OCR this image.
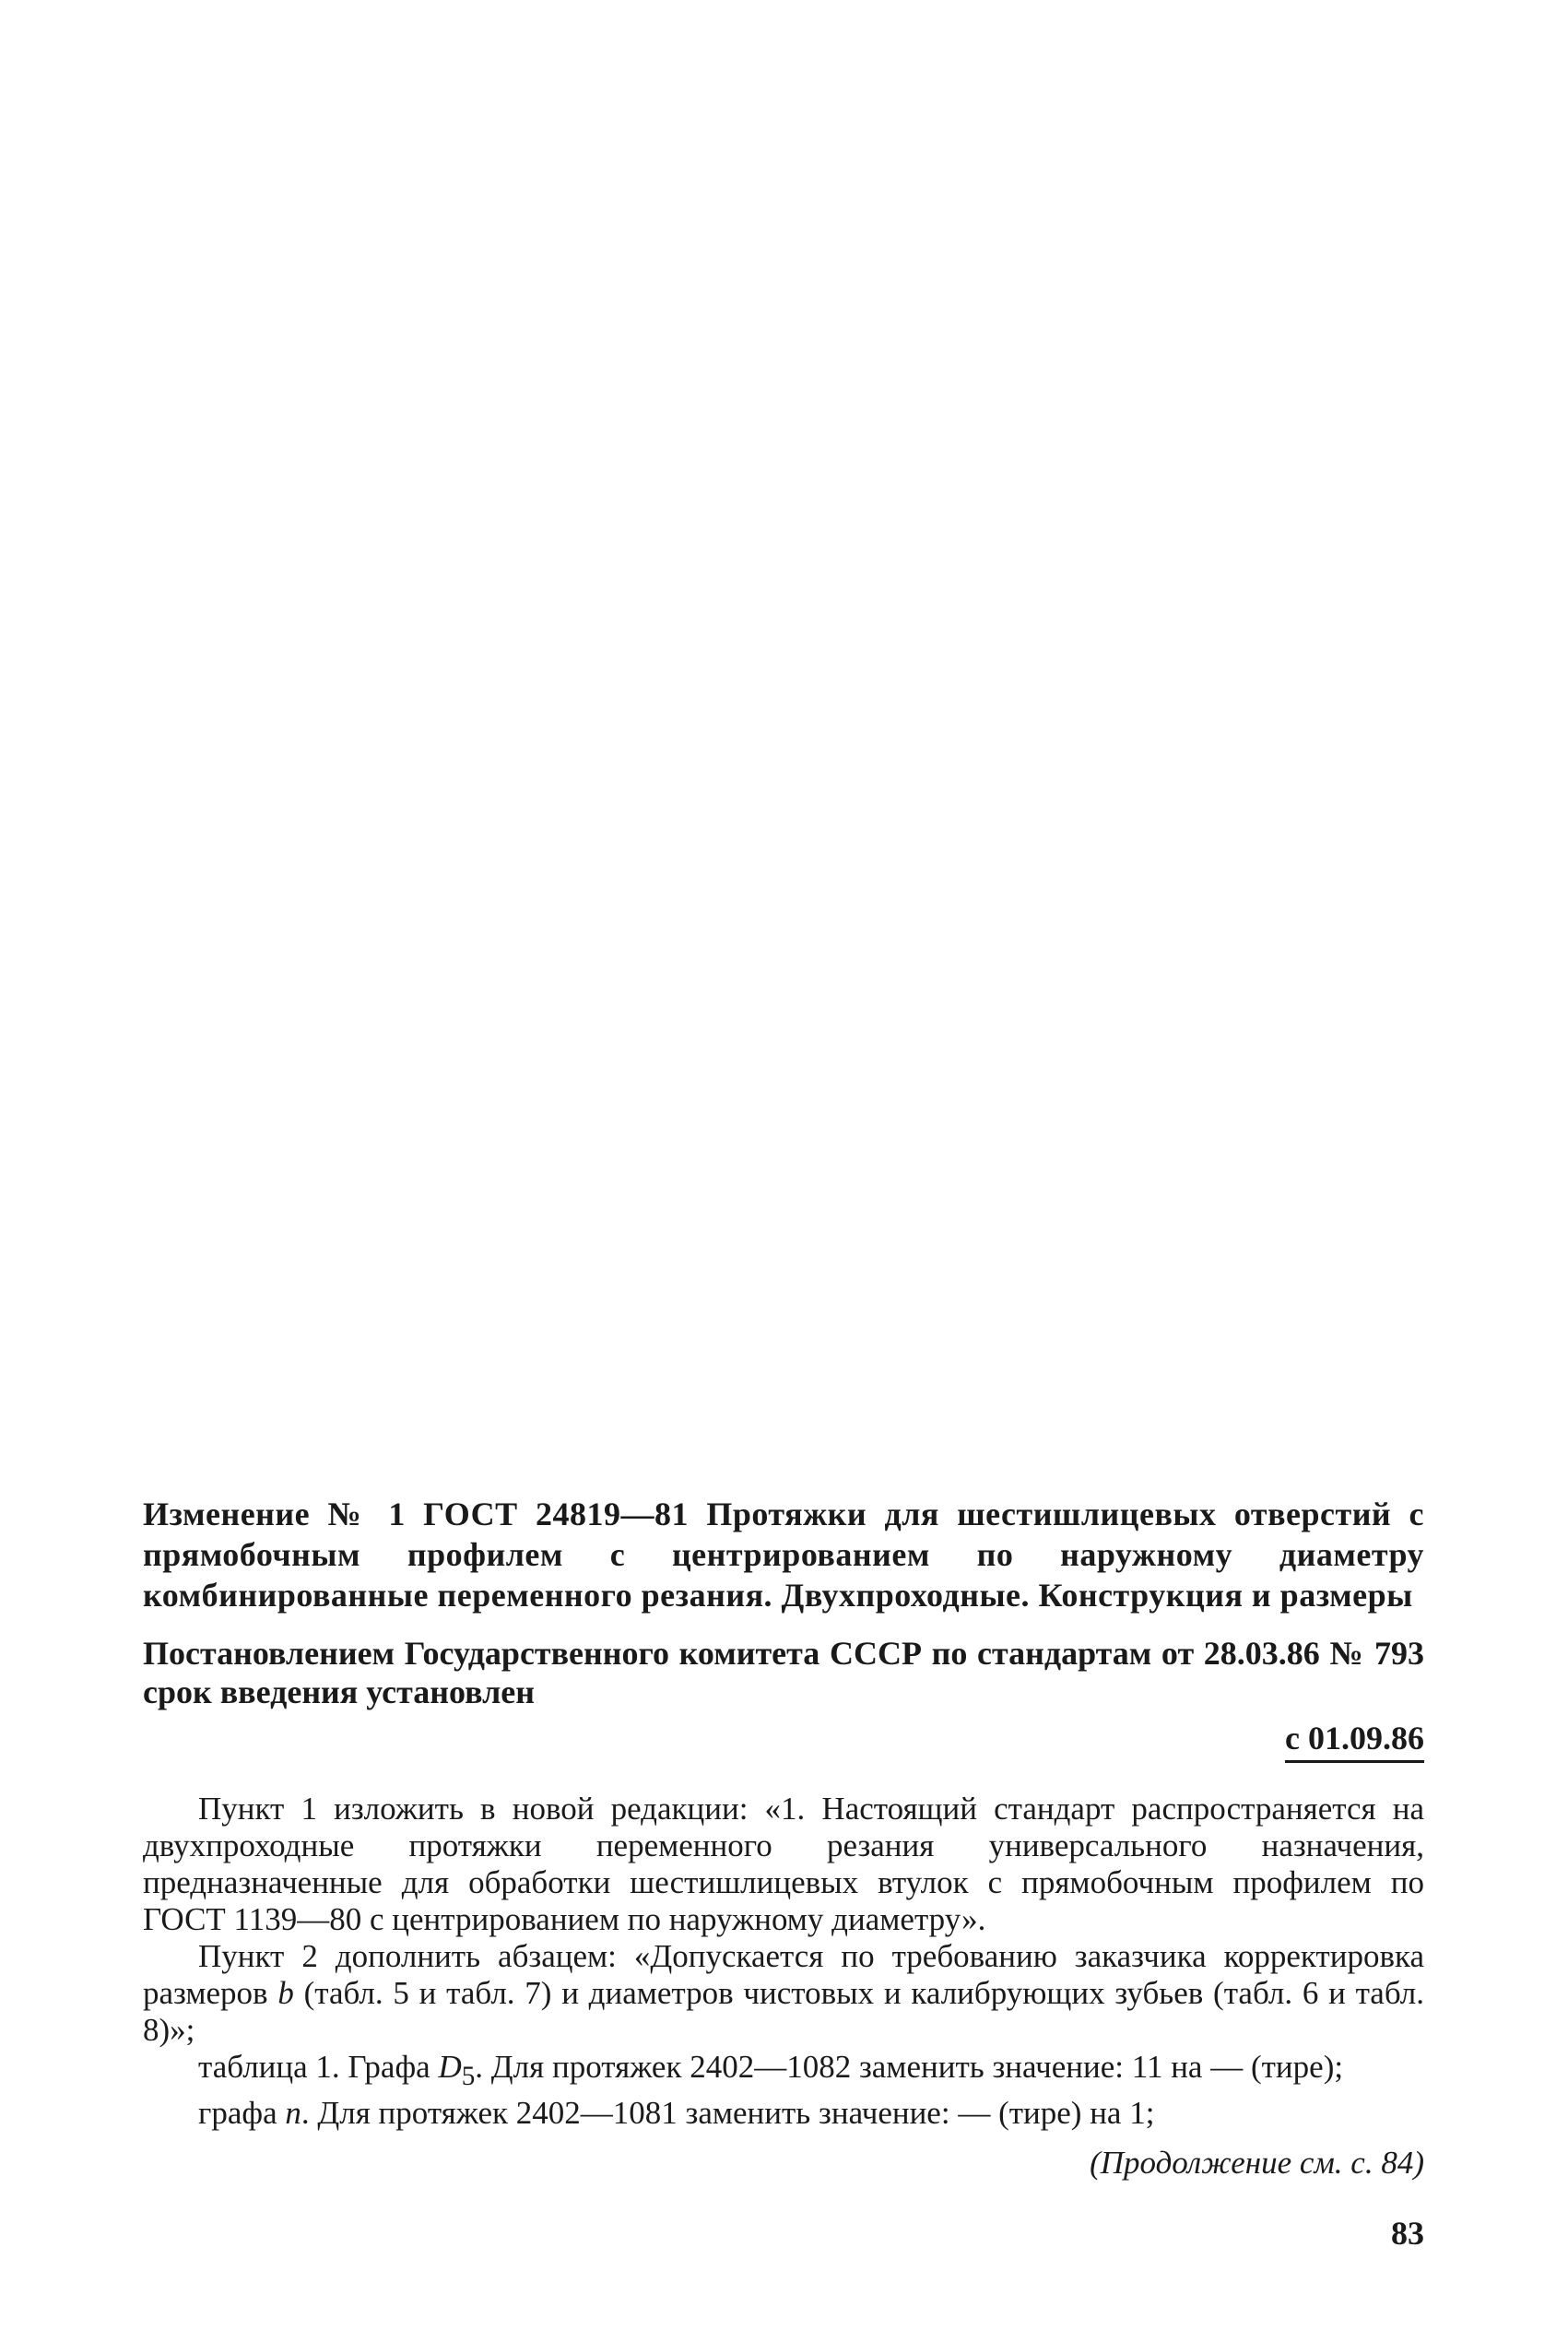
Изменение № 1 ГОСТ 24819—81 Протяжки для шестишлицевых отверстий с прямобочным профилем с центрированием по наружному диаметру комбинированные переменного резания. Двухпроходные. Конструкция и размеры

Постановлением Государственного комитета СССР по стандартам от 28.03.86 № 793 срок введения установлен

с 01.09.86

Пункт 1 изложить в новой редакции: «1. Настоящий стандарт распространяется на двухпроходные протяжки переменного резания универсального назначения, предназначенные для обработки шестишлицевых втулок с прямобочным профилем по ГОСТ 1139—80 с центрированием по наружному диаметру».

Пункт 2 дополнить абзацем: «Допускается по требованию заказчика корректировка размеров b (табл. 5 и табл. 7) и диаметров чистовых и калибрующих зубьев (табл. 6 и табл. 8)»;

таблица 1. Графа $D_5$. Для протяжек 2402—1082 заменить значение: 11 на — (тире);

графа n. Для протяжек 2402—1081 заменить значение: — (тире) на 1;

(Продолжение см. с. 84)

83
